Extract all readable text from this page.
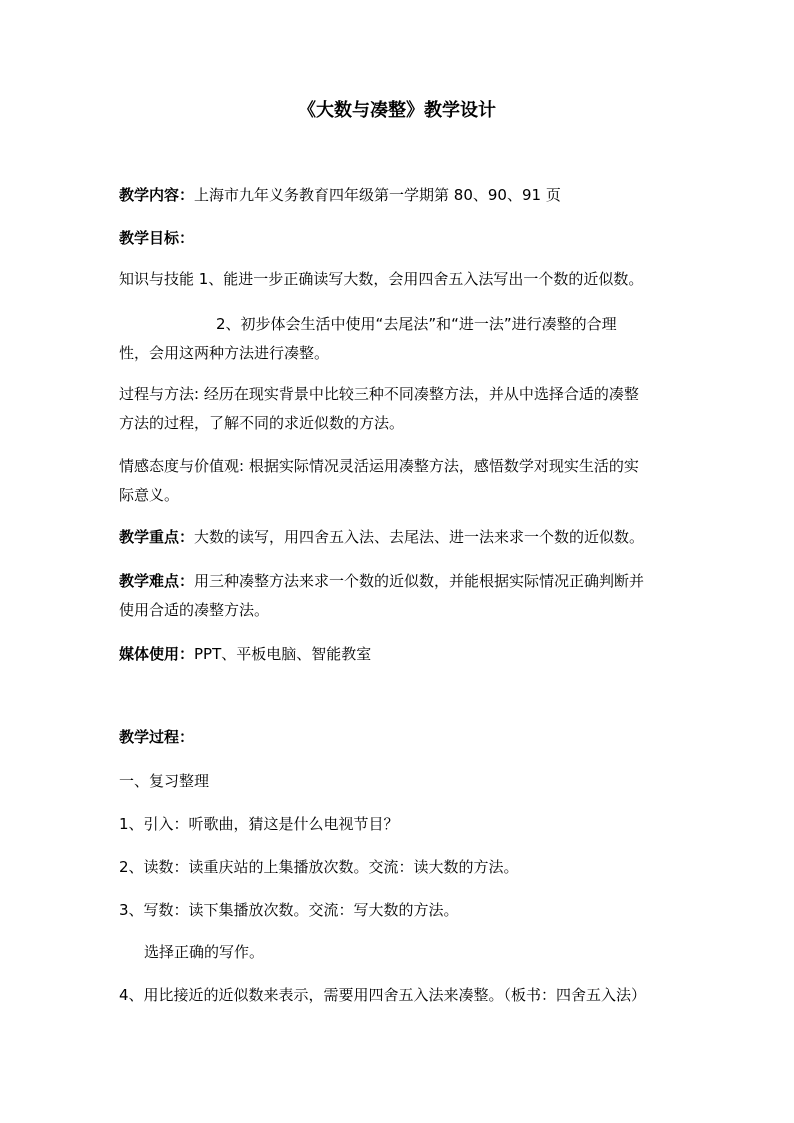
《大数与凑整》教学设计
教学内容：上海市九年义务教育四年级第一学期第 80、90、91 页
教学目标：
知识与技能 1、能进一步正确读写大数，会用四舍五入法写出一个数的近似数。
2、初步体会生活中使用“去尾法”和“进一法”进行凑整的合理
性，会用这两种方法进行凑整。
过程与方法: 经历在现实背景中比较三种不同凑整方法，并从中选择合适的凑整
方法的过程，了解不同的求近似数的方法。
情感态度与价值观: 根据实际情况灵活运用凑整方法，感悟数学对现实生活的实
际意义。
教学重点：大数的读写，用四舍五入法、去尾法、进一法来求一个数的近似数。
教学难点：用三种凑整方法来求一个数的近似数，并能根据实际情况正确判断并
使用合适的凑整方法。
媒体使用：PPT、平板电脑、智能教室
教学过程：
一、复习整理
1、引入：听歌曲，猜这是什么电视节目？
2、读数：读重庆站的上集播放次数。交流：读大数的方法。
3、写数：读下集播放次数。交流：写大数的方法。
选择正确的写作。
4、用比接近的近似数来表示，需要用四舍五入法来凑整。（板书：四舍五入法）
